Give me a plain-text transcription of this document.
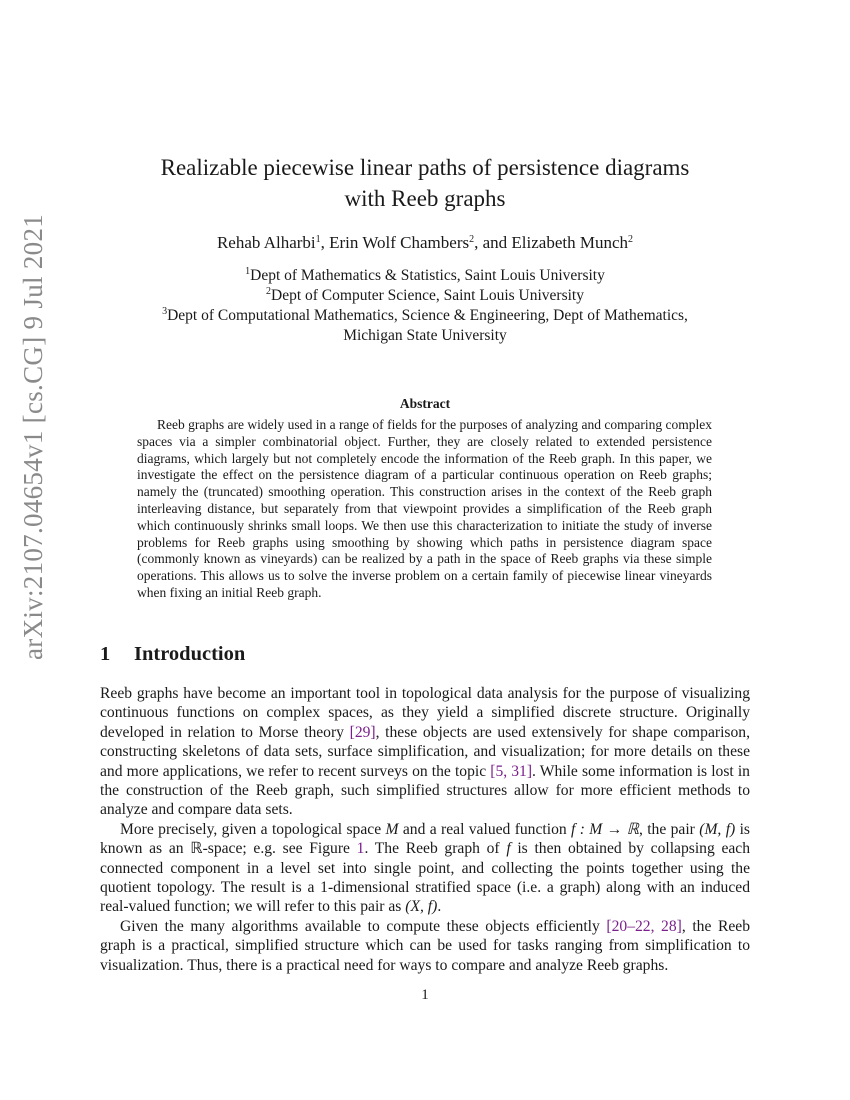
arXiv:2107.04654v1 [cs.CG] 9 Jul 2021
Realizable piecewise linear paths of persistence diagrams
with Reeb graphs
Rehab Alharbi$^1$, Erin Wolf Chambers$^2$, and Elizabeth Munch$^2$
$^1$Dept of Mathematics & Statistics, Saint Louis University
$^2$Dept of Computer Science, Saint Louis University
$^3$Dept of Computational Mathematics, Science & Engineering, Dept of Mathematics,
Michigan State University
Abstract
Reeb graphs are widely used in a range of fields for the purposes of analyzing and comparing complex spaces via a simpler combinatorial object. Further, they are closely related to extended persistence diagrams, which largely but not completely encode the information of the Reeb graph. In this paper, we investigate the effect on the persistence diagram of a particular continuous operation on Reeb graphs; namely the (truncated) smoothing operation. This construction arises in the context of the Reeb graph interleaving distance, but separately from that viewpoint provides a simplification of the Reeb graph which continuously shrinks small loops. We then use this characterization to initiate the study of inverse problems for Reeb graphs using smoothing by showing which paths in persistence diagram space (commonly known as vineyards) can be realized by a path in the space of Reeb graphs via these simple operations. This allows us to solve the inverse problem on a certain family of piecewise linear vineyards when fixing an initial Reeb graph.
1 Introduction

Reeb graphs have become an important tool in topological data analysis for the purpose of visualizing continuous functions on complex spaces, as they yield a simplified discrete structure. Originally developed in relation to Morse theory [29], these objects are used extensively for shape comparison, constructing skeletons of data sets, surface simplification, and visualization; for more details on these and more applications, we refer to recent surveys on the topic [5, 31]. While some information is lost in the construction of the Reeb graph, such simplified structures allow for more efficient methods to analyze and compare data sets.

More precisely, given a topological space M and a real valued function f : M → ℝ, the pair (M, f) is known as an ℝ-space; e.g. see Figure 1. The Reeb graph of f is then obtained by collapsing each connected component in a level set into single point, and collecting the points together using the quotient topology. The result is a 1-dimensional stratified space (i.e. a graph) along with an induced real-valued function; we will refer to this pair as (X, f).

Given the many algorithms available to compute these objects efficiently [20–22, 28], the Reeb graph is a practical, simplified structure which can be used for tasks ranging from simplification to visualization. Thus, there is a practical need for ways to compare and analyze Reeb graphs.

1
